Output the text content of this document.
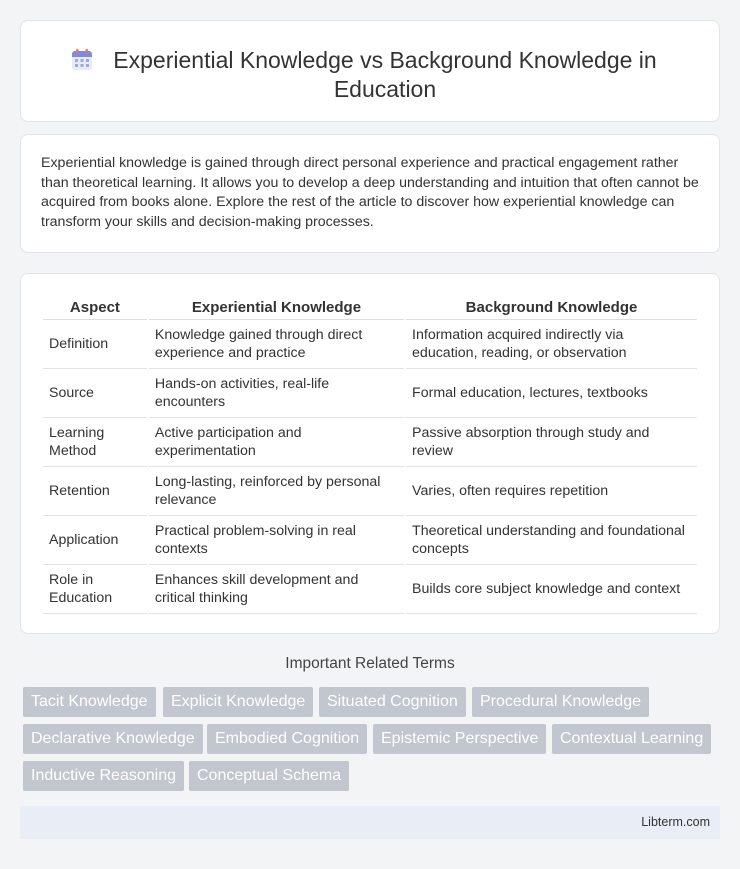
Experiential Knowledge vs Background Knowledge in Education

Experiential knowledge is gained through direct personal experience and practical engagement rather than theoretical learning. It allows you to develop a deep understanding and intuition that often cannot be acquired from books alone. Explore the rest of the article to discover how experiential knowledge can transform your skills and decision-making processes.

Aspect	Experiential Knowledge	Background Knowledge
Definition	Knowledge gained through direct experience and practice	Information acquired indirectly via education, reading, or observation
Source	Hands-on activities, real-life encounters	Formal education, lectures, textbooks
Learning Method	Active participation and experimentation	Passive absorption through study and review
Retention	Long-lasting, reinforced by personal relevance	Varies, often requires repetition
Application	Practical problem-solving in real contexts	Theoretical understanding and foundational concepts
Role in Education	Enhances skill development and critical thinking	Builds core subject knowledge and context
Important Related Terms
Tacit Knowledge	Explicit Knowledge	Situated Cognition	Procedural Knowledge
Declarative Knowledge	Embodied Cognition	Epistemic Perspective	Contextual Learning
Inductive Reasoning	Conceptual Schema
Libterm.com
